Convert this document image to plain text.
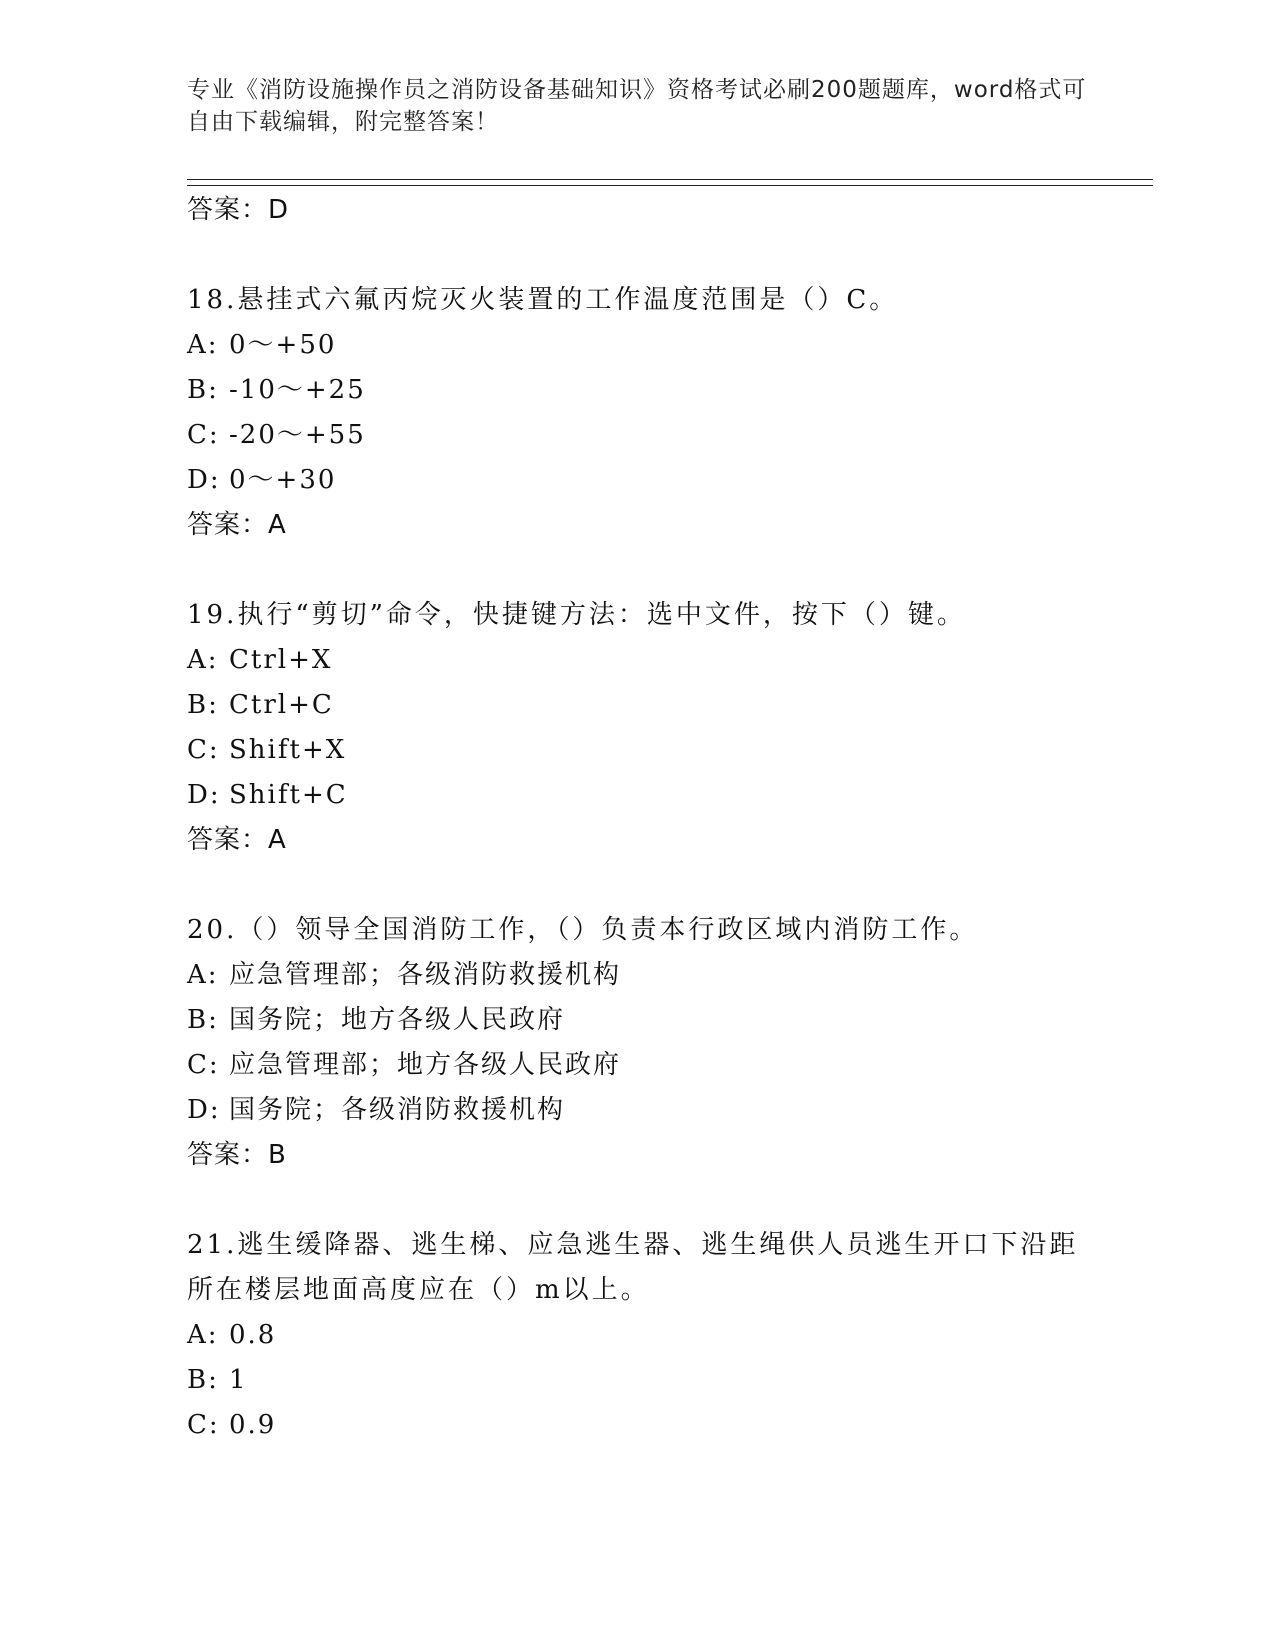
专业《消防设施操作员之消防设备基础知识》资格考试必刷200题题库，word格式可自由下载编辑，附完整答案！
答案：D
18.悬挂式六氟丙烷灭火装置的工作温度范围是（）C。
A: 0～+50
B: -10～+25
C: -20～+55
D: 0～+30
答案：A
19.执行“剪切”命令，快捷键方法：选中文件，按下（）键。
A: Ctrl+X
B: Ctrl+C
C: Shift+X
D: Shift+C
答案：A
20.（）领导全国消防工作，（）负责本行政区域内消防工作。
A: 应急管理部；各级消防救援机构
B: 国务院；地方各级人民政府
C: 应急管理部；地方各级人民政府
D: 国务院；各级消防救援机构
答案：B
21.逃生缓降器、逃生梯、应急逃生器、逃生绳供人员逃生开口下沿距所在楼层地面高度应在（）m以上。
A: 0.8
B: 1
C: 0.9
